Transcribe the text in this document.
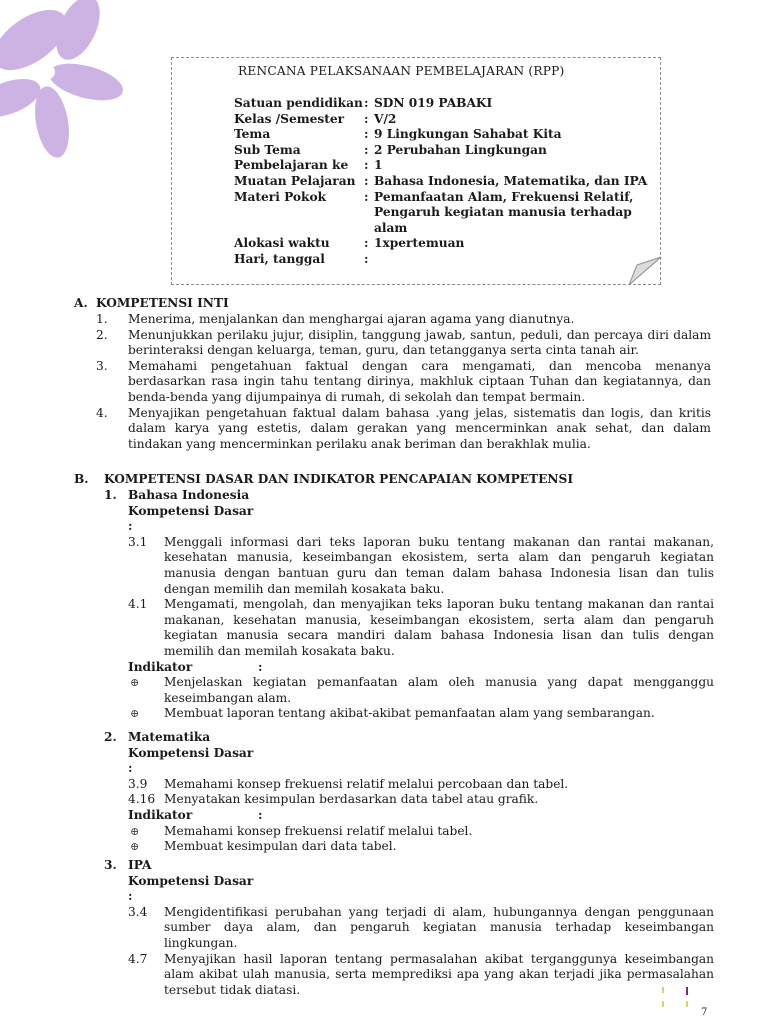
RENCANA PELAKSANAAN PEMBELAJARAN (RPP)
Satuan pendidikan : SDN 019 PABAKI
Kelas /Semester	: V/2
Tema	: 9 Lingkungan Sahabat Kita
Sub Tema	: 2 Perubahan Lingkungan
Pembelajaran ke	: 1
Muatan Pelajaran : Bahasa Indonesia, Matematika, dan IPA
Materi Pokok	: Pemanfaatan Alam, Frekuensi Relatif,
Pengaruh kegiatan manusia terhadap alam
Alokasi waktu	: 1xpertemuan
Hari, tanggal	:
A. KOMPETENSI INTI
1.	Menerima, menjalankan dan menghargai ajaran agama yang dianutnya.
2.	Menunjukkan perilaku jujur, disiplin, tanggung jawab, santun, peduli, dan percaya diri dalam berinteraksi dengan keluarga, teman, guru, dan tetangganya serta cinta tanah air.
3.	Memahami pengetahuan faktual dengan cara mengamati, dan mencoba menanya berdasarkan rasa ingin tahu tentang dirinya, makhluk ciptaan Tuhan dan kegiatannya, dan benda-benda yang dijumpainya di rumah, di sekolah dan tempat bermain.
4.	Menyajikan pengetahuan faktual dalam bahasa .yang jelas, sistematis dan logis, dan kritis dalam karya yang estetis, dalam gerakan yang mencerminkan anak sehat, dan dalam tindakan yang mencerminkan perilaku anak beriman dan berakhlak mulia.
B. KOMPETENSI DASAR DAN INDIKATOR PENCAPAIAN KOMPETENSI
1. Bahasa Indonesia
Kompetensi Dasar :
3.1	Menggali informasi dari teks laporan buku tentang makanan dan rantai makanan, kesehatan manusia, keseimbangan ekosistem, serta alam dan pengaruh kegiatan manusia dengan bantuan guru dan teman dalam bahasa Indonesia lisan dan tulis dengan memilih dan memilah kosakata baku.
4.1	Mengamati, mengolah, dan menyajikan teks laporan buku tentang makanan dan rantai makanan, kesehatan manusia, keseimbangan ekosistem, serta alam dan pengaruh kegiatan manusia secara mandiri dalam bahasa Indonesia lisan dan tulis dengan memilih dan memilah kosakata baku.
Indikator	:
⊕	Menjelaskan kegiatan pemanfaatan alam oleh manusia yang dapat mengganggu keseimbangan alam.
⊕	Membuat laporan tentang akibat-akibat pemanfaatan alam yang sembarangan.
2. Matematika
Kompetensi Dasar :
3.9	Memahami konsep frekuensi relatif melalui percobaan dan tabel.
4.16 Menyatakan kesimpulan berdasarkan data tabel atau grafik.
Indikator	:
⊕	Memahami konsep frekuensi relatif melalui tabel.
⊕	Membuat kesimpulan dari data tabel.
3. IPA
Kompetensi Dasar :
3.4	Mengidentifikasi perubahan yang terjadi di alam, hubungannya dengan penggunaan sumber daya alam, dan pengaruh kegiatan manusia terhadap keseimbangan lingkungan.
4.7	Menyajikan hasil laporan tentang permasalahan akibat terganggunya keseimbangan alam akibat ulah manusia, serta memprediksi apa yang akan terjadi jika permasalahan tersebut tidak diatasi.
7
